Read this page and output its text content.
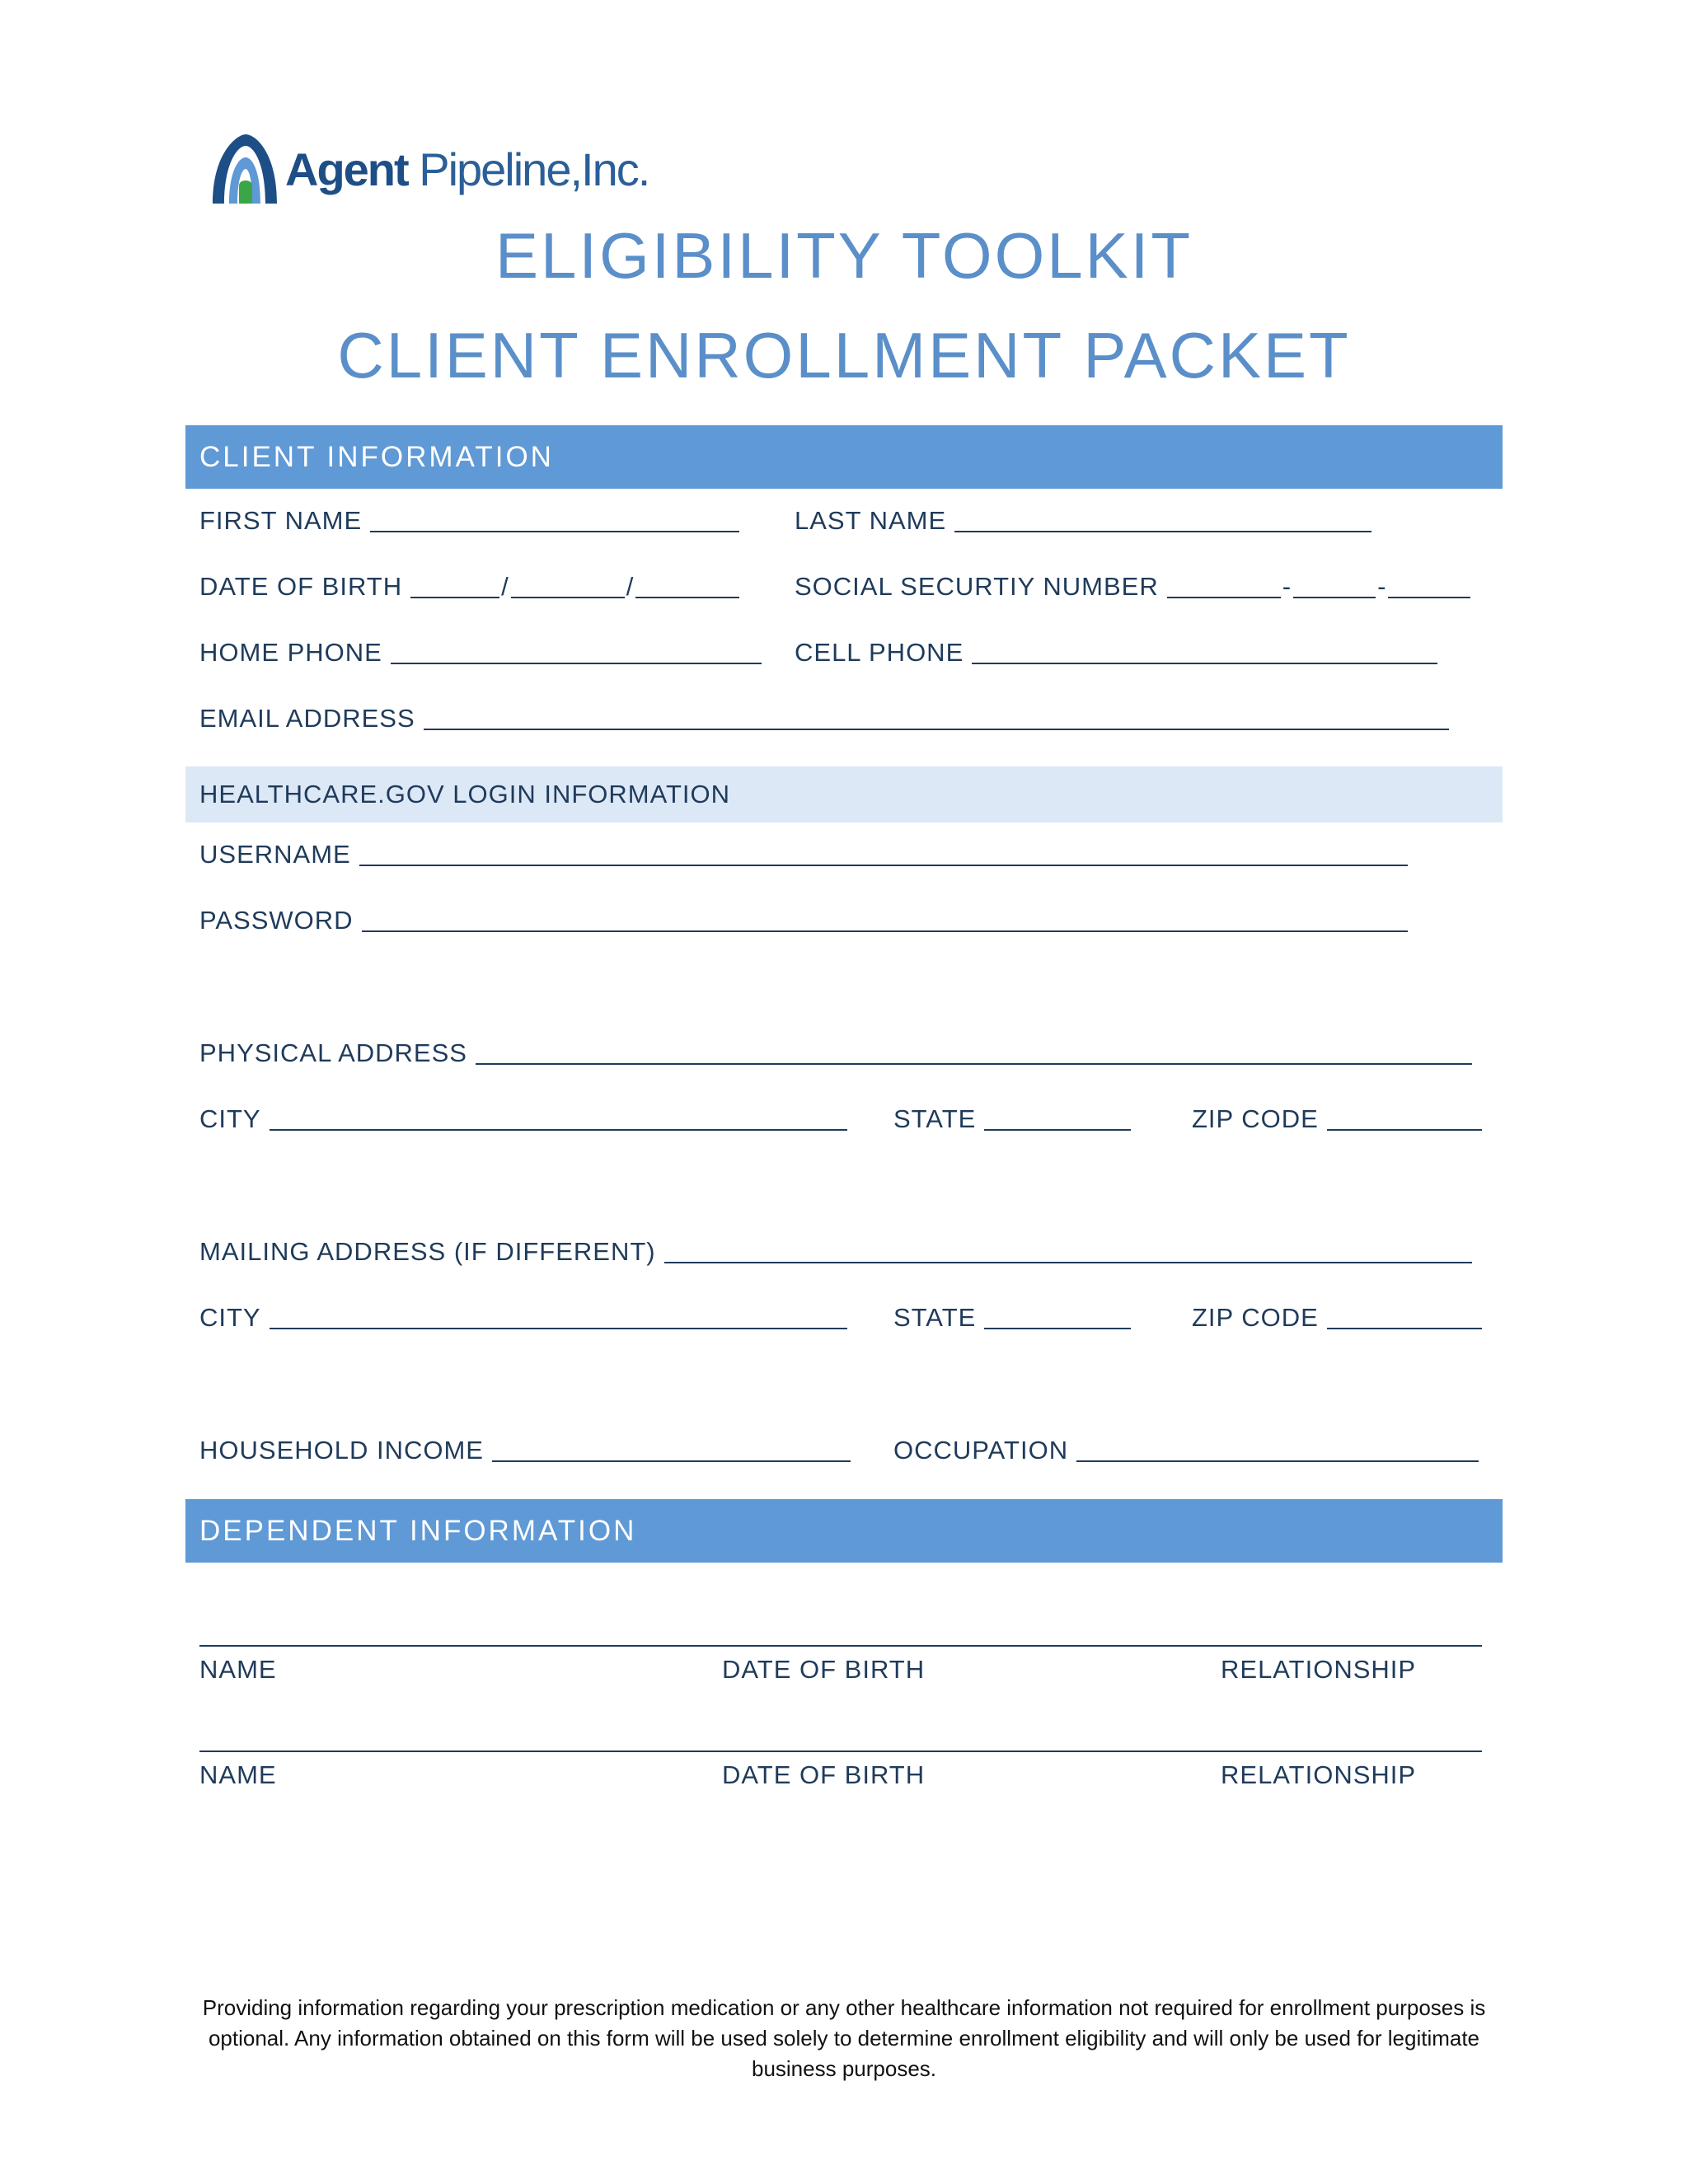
Agent Pipeline,Inc.
ELIGIBILITY TOOLKIT
CLIENT ENROLLMENT PACKET
CLIENT INFORMATION
FIRST NAME	LAST NAME
DATE OF BIRTH	/	/	SOCIAL SECURTIY NUMBER	-	-
HOME PHONE	CELL PHONE
EMAIL ADDRESS
HEALTHCARE.GOV LOGIN INFORMATION
USERNAME
PASSWORD
PHYSICAL ADDRESS
CITY	STATE	ZIP CODE
MAILING ADDRESS (IF DIFFERENT)
CITY	STATE	ZIP CODE
HOUSEHOLD INCOME	OCCUPATION
DEPENDENT INFORMATION
NAME	DATE OF BIRTH	RELATIONSHIP
NAME	DATE OF BIRTH	RELATIONSHIP
Providing information regarding your prescription medication or any other healthcare information not required for enrollment purposes is optional. Any information obtained on this form will be used solely to determine enrollment eligibility and will only be used for legitimate business purposes.
